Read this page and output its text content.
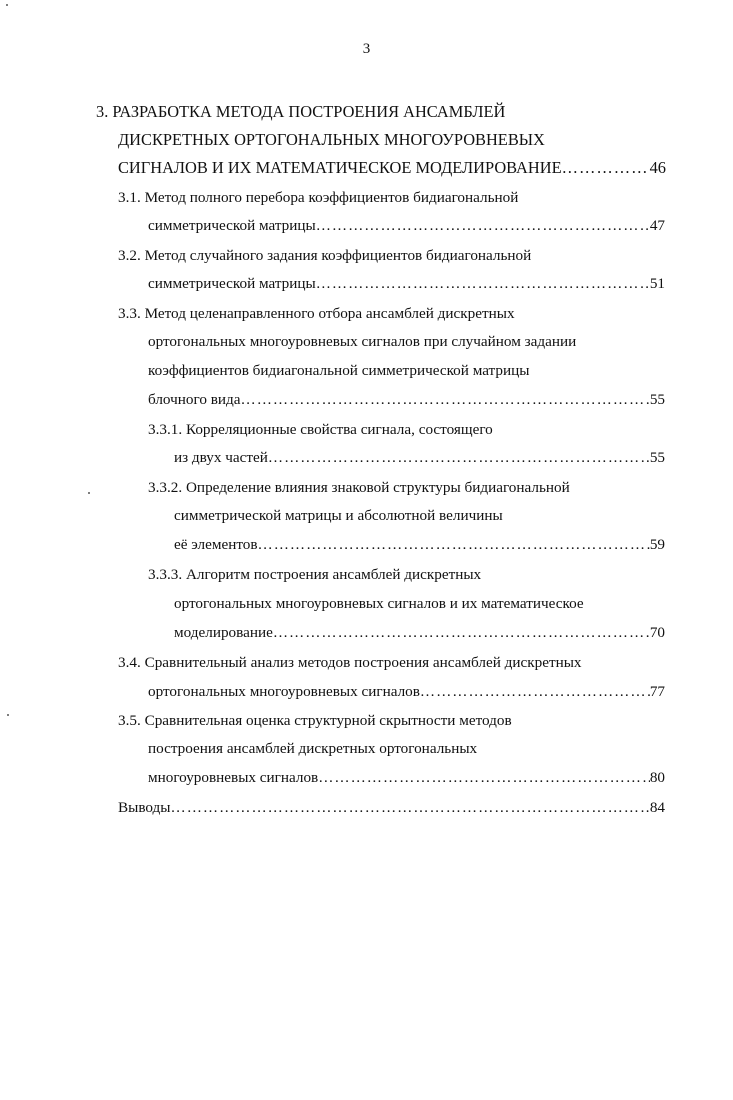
3
3. РАЗРАБОТКА МЕТОДА ПОСТРОЕНИЯ АНСАМБЛЕЙ
ДИСКРЕТНЫХ ОРТОГОНАЛЬНЫХ МНОГОУРОВНЕВЫХ
СИГНАЛОВ И ИХ МАТЕМАТИЧЕСКОЕ МОДЕЛИРОВАНИЕ ……………………………………………………………………………………………………………………………………………………………………	46
3.1. Метод полного перебора коэффициентов бидиагональной
симметрической матрицы ……………………………………………………………………………………………………………………………………………………………………	47
3.2. Метод случайного задания коэффициентов бидиагональной
симметрической матрицы ……………………………………………………………………………………………………………………………………………………………………	51
3.3. Метод целенаправленного отбора ансамблей дискретных
ортогональных многоуровневых сигналов при случайном задании
коэффициентов бидиагональной симметрической матрицы
блочного вида ……………………………………………………………………………………………………………………………………………………………………	55
3.3.1. Корреляционные свойства сигнала, состоящего
из двух частей ……………………………………………………………………………………………………………………………………………………………………	55
3.3.2. Определение влияния знаковой структуры бидиагональной
симметрической матрицы и абсолютной величины
её элементов ……………………………………………………………………………………………………………………………………………………………………	59
3.3.3. Алгоритм построения ансамблей дискретных
ортогональных многоуровневых сигналов и их математическое
моделирование ……………………………………………………………………………………………………………………………………………………………………	70
3.4. Сравнительный анализ методов построения ансамблей дискретных
ортогональных многоуровневых сигналов ……………………………………………………………………………………………………………………………………………………………………	77
3.5. Сравнительная оценка структурной скрытности методов
построения ансамблей дискретных ортогональных
многоуровневых сигналов ……………………………………………………………………………………………………………………………………………………………………	80
Выводы ……………………………………………………………………………………………………………………………………………………………………	84
